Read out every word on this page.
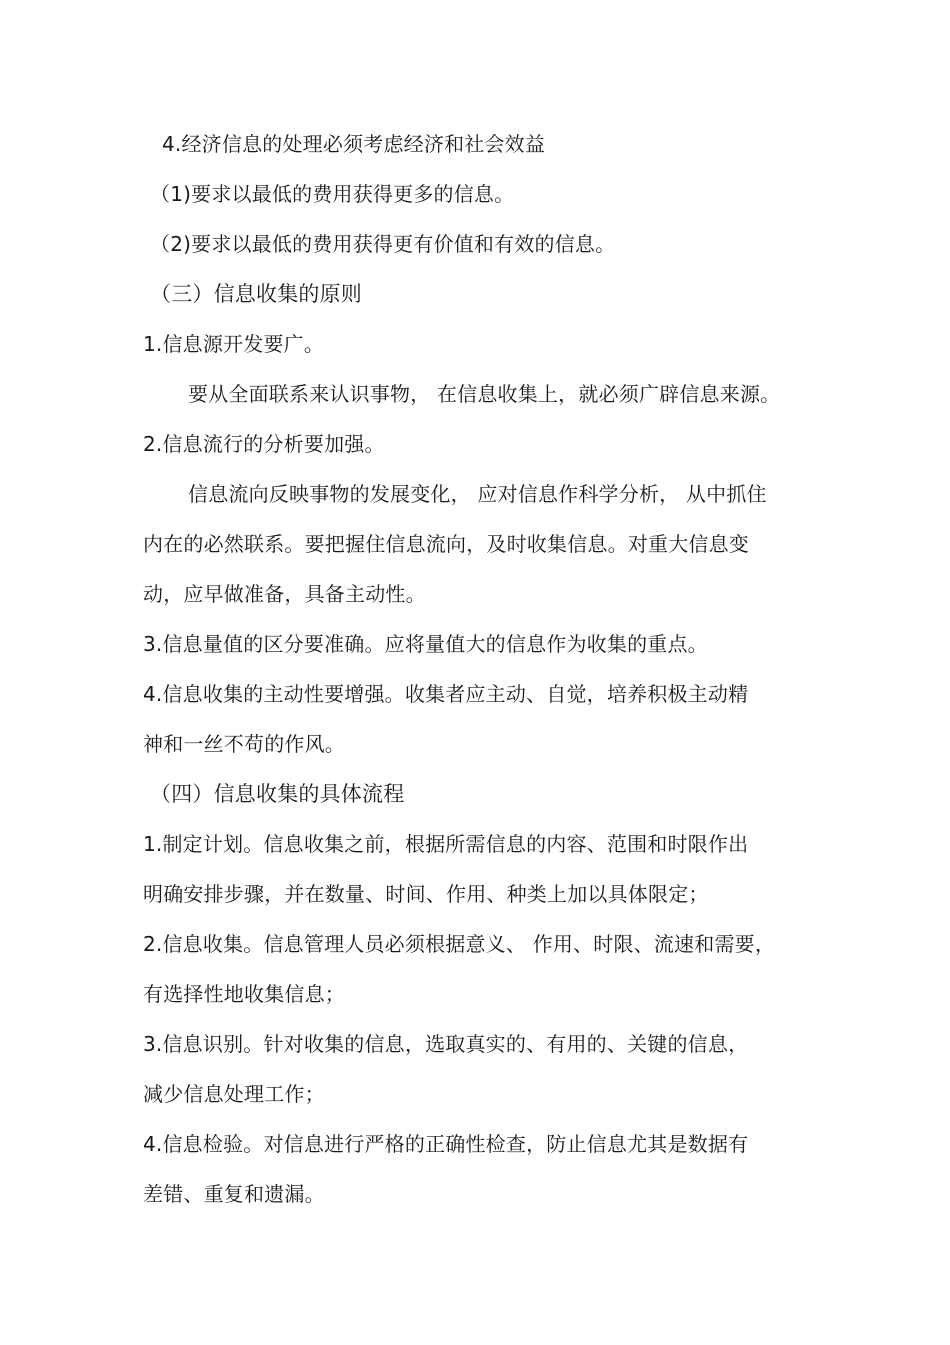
4.经济信息的处理必须考虑经济和社会效益
（1)要求以最低的费用获得更多的信息。
（2)要求以最低的费用获得更有价值和有效的信息。
（三）信息收集的原则
1.信息源开发要广。
要从全面联系来认识事物， 在信息收集上，就必须广辟信息来源。
2.信息流行的分析要加强。
信息流向反映事物的发展变化， 应对信息作科学分析， 从中抓住
内在的必然联系。要把握住信息流向，及时收集信息。对重大信息变
动，应早做准备，具备主动性。
3.信息量值的区分要准确。应将量值大的信息作为收集的重点。
4.信息收集的主动性要增强。收集者应主动、自觉，培养积极主动精
神和一丝不苟的作风。
（四）信息收集的具体流程
1.制定计划。信息收集之前，根据所需信息的内容、范围和时限作出
明确安排步骤，并在数量、时间、作用、种类上加以具体限定；
2.信息收集。信息管理人员必须根据意义、 作用、时限、流速和需要，
有选择性地收集信息；
3.信息识别。针对收集的信息，选取真实的、有用的、关键的信息，
减少信息处理工作；
4.信息检验。对信息进行严格的正确性检查，防止信息尤其是数据有
差错、重复和遗漏。
